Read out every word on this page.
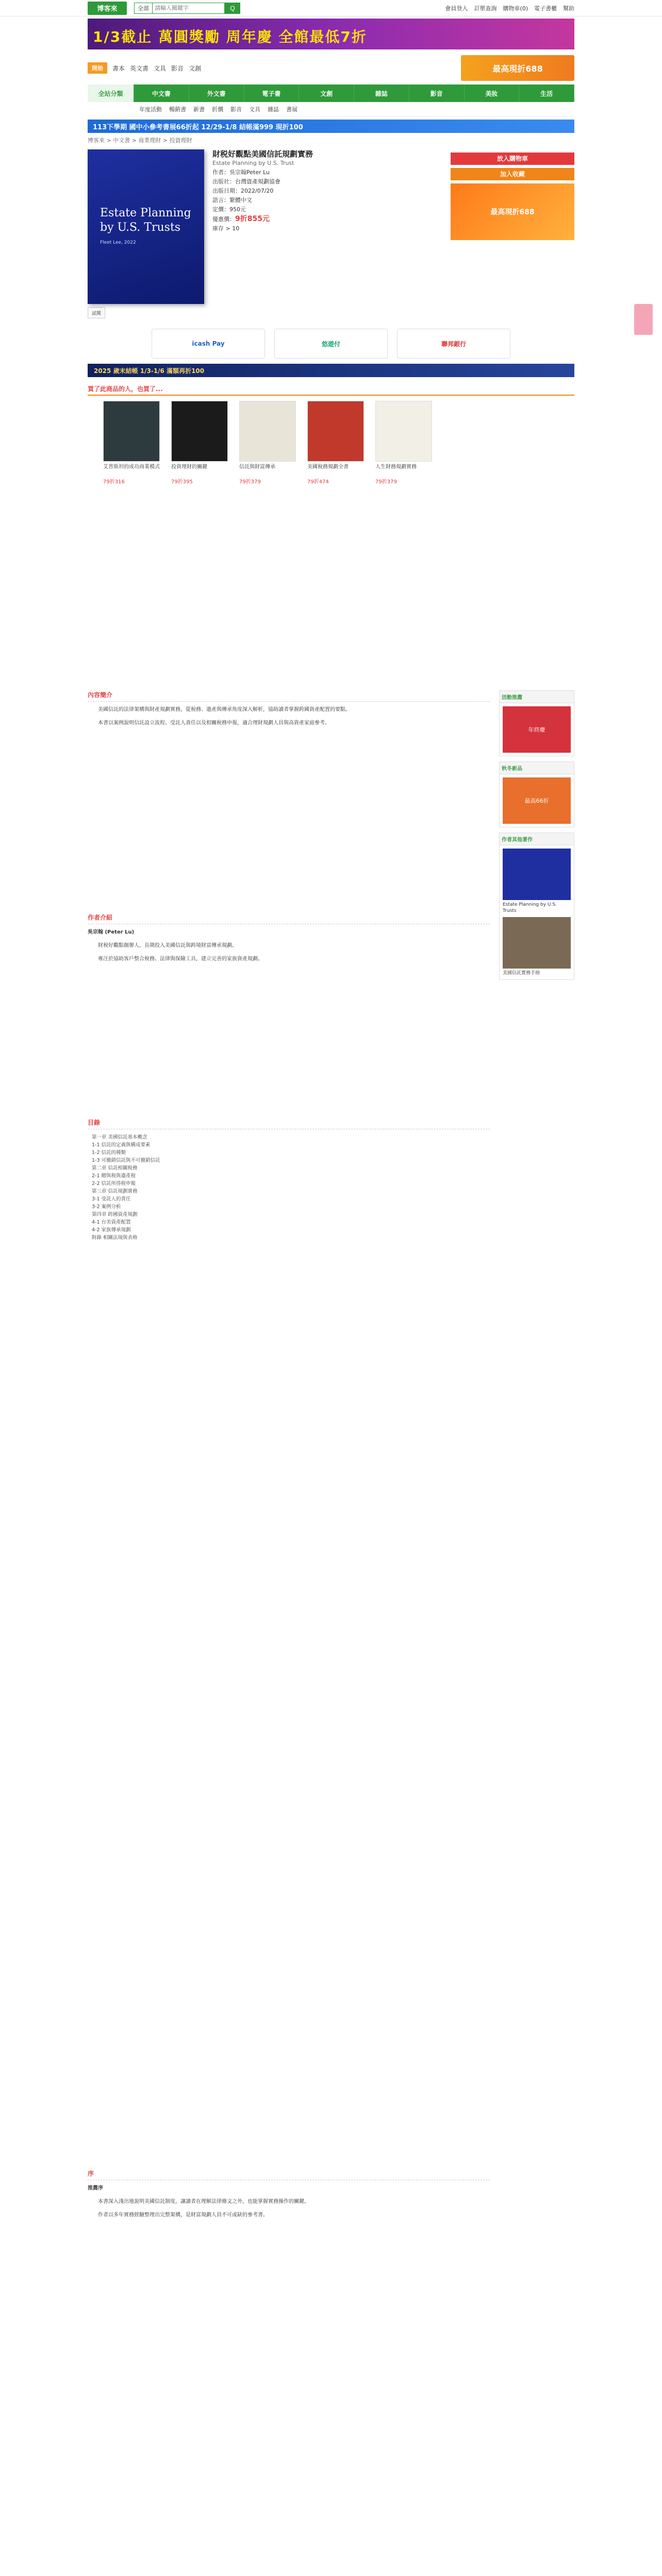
博客來	全部
請輸入關鍵字	Q	會員登入 訂單查詢 購物車(0) 電子書櫃 幫助
1/3截止 萬圓獎勵 周年慶 全館最低7折
開始	書本 英文書 文具 影音 文創	最高現折688
全站分類	中文書	外文書	電子書	文創	雜誌	影音	美妝	生活
年度活動 暢銷書 新書 折價 影音 文具 雜誌 書展
113下學期 國中小參考書展66折起 12/29-1/8 結帳滿999 現折100
博客來 > 中文書 > 商業理財 > 投資理財
Estate Planning by U.S. Trusts
Fleet Lee, 2022
財税好觀點美國信託規劃實務
Estate Planning by U.S. Trust
作者：吳宗翰Peter Lu
出版社：台灣資產規劃協會
出版日期：2022/07/20
語言：繁體中文
定價：950元
優惠價：9折855元
庫存 > 10
放入購物車
加入收藏
最高現折688
試閱
icash Pay	悠遊付	聯邦銀行
2025 歲末結帳 1/3-1/6 滿額再折100
買了此商品的人，也買了...
艾普斯坦的成功商業模式
79折316
投資理財的關鍵
79折395
信託與財富傳承
79折379
美國稅務規劃全書
79折474
人生財務規劃實務
79折379
內容簡介

美國信託的法律架構與財產規劃實務，從稅務、遺產與傳承角度深入解析，協助讀者掌握跨國資產配置的要點。

本書以案例說明信託設立流程、受託人責任以及相關稅務申報，適合理財規劃人員與高資產家庭參考。

作者介紹

吳宗翰 (Peter Lu)

財稅好觀點創辦人，長期投入美國信託與跨境財富傳承規劃。

專注於協助客戶整合稅務、法律與保險工具，建立完善的家族資產規劃。

目錄
第一章 美國信託基本概念
1-1 信託的定義與構成要素
1-2 信託的種類
1-3 可撤銷信託與不可撤銷信託
第二章 信託相關稅務
2-1 贈與稅與遺產稅
2-2 信託所得稅申報
第三章 信託規劃實務
3-1 受託人的責任
3-2 案例分析
第四章 跨國資產規劃
4-1 台美資產配置
4-2 家族傳承規劃
附錄 相關法規與表格
序

推薦序

本書深入淺出地說明美國信託制度，讓讀者在理解法律條文之外，也能掌握實務操作的關鍵。

作者以多年實務經驗整理出完整架構，是財富規劃人員不可或缺的參考書。

活動推薦
年終慶
秋冬新品
最高66折
作者其他著作
Estate Planning by U.S. Trusts
美國信託實務手冊
